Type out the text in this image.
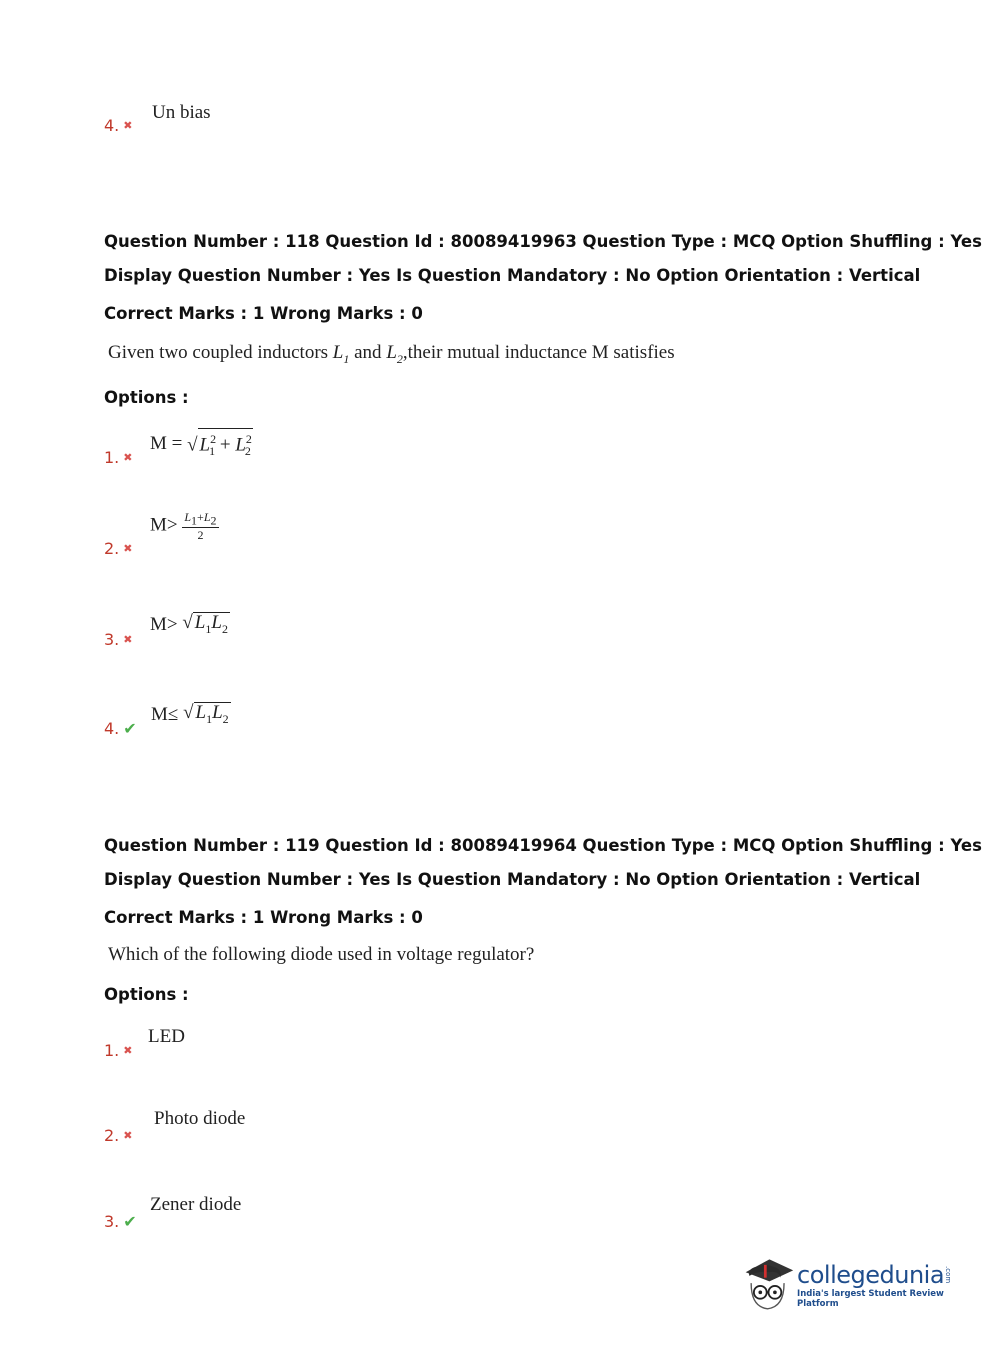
4. ✖
Un bias
Question Number : 118 Question Id : 80089419963 Question Type : MCQ Option Shuffling : Yes
Display Question Number : Yes Is Question Mandatory : No Option Orientation : Vertical
Correct Marks : 1 Wrong Marks : 0
Given two coupled inductors $L_1$ and $L_2,their$ mutual inductance M satisfies
Options :
1. ✖
M = √ $L^2_1 + L^2_2$
2. ✖
$M> \frac{L_1+L_2}{2}$
3. ✖
M> √ $L_1L_2$
4. ✔
M≤ √ $L_1L_2$
Question Number : 119 Question Id : 80089419964 Question Type : MCQ Option Shuffling : Yes
Display Question Number : Yes Is Question Mandatory : No Option Orientation : Vertical
Correct Marks : 1 Wrong Marks : 0
Which of the following diode used in voltage regulator?
Options :
1. ✖
LED
2. ✖
Photo diode
3. ✔
Zener diode
collegedunia.com
India's largest Student Review Platform
